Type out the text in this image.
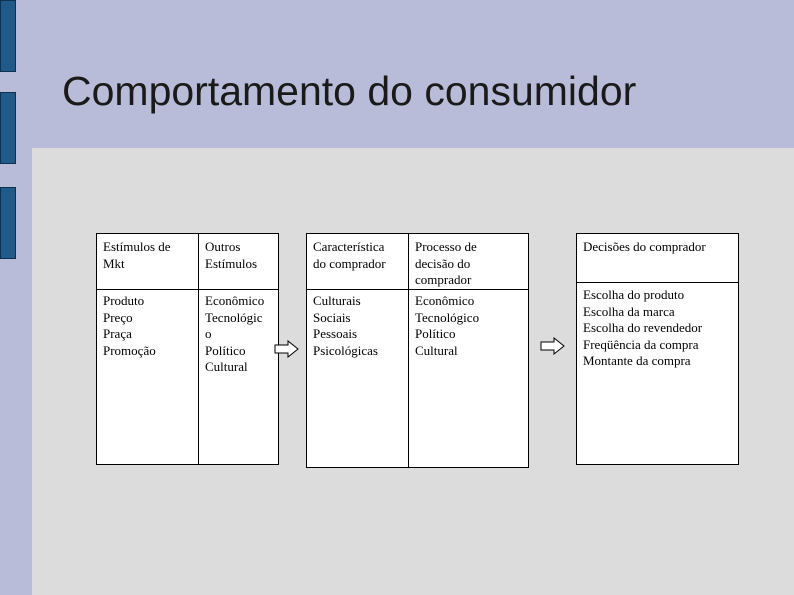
Comportamento do consumidor
Estímulos de
Mkt
Outros
Estímulos
Produto
Preço
Praça
Promoção
Econômico
Tecnológic
o
Político
Cultural
Característica
do comprador
Processo de
decisão do
comprador
Culturais
Sociais
Pessoais
Psicológicas
Econômico
Tecnológico
Político
Cultural
Decisões do comprador
Escolha do produto
Escolha da marca
Escolha do revendedor
Freqüência da compra
Montante da compra
